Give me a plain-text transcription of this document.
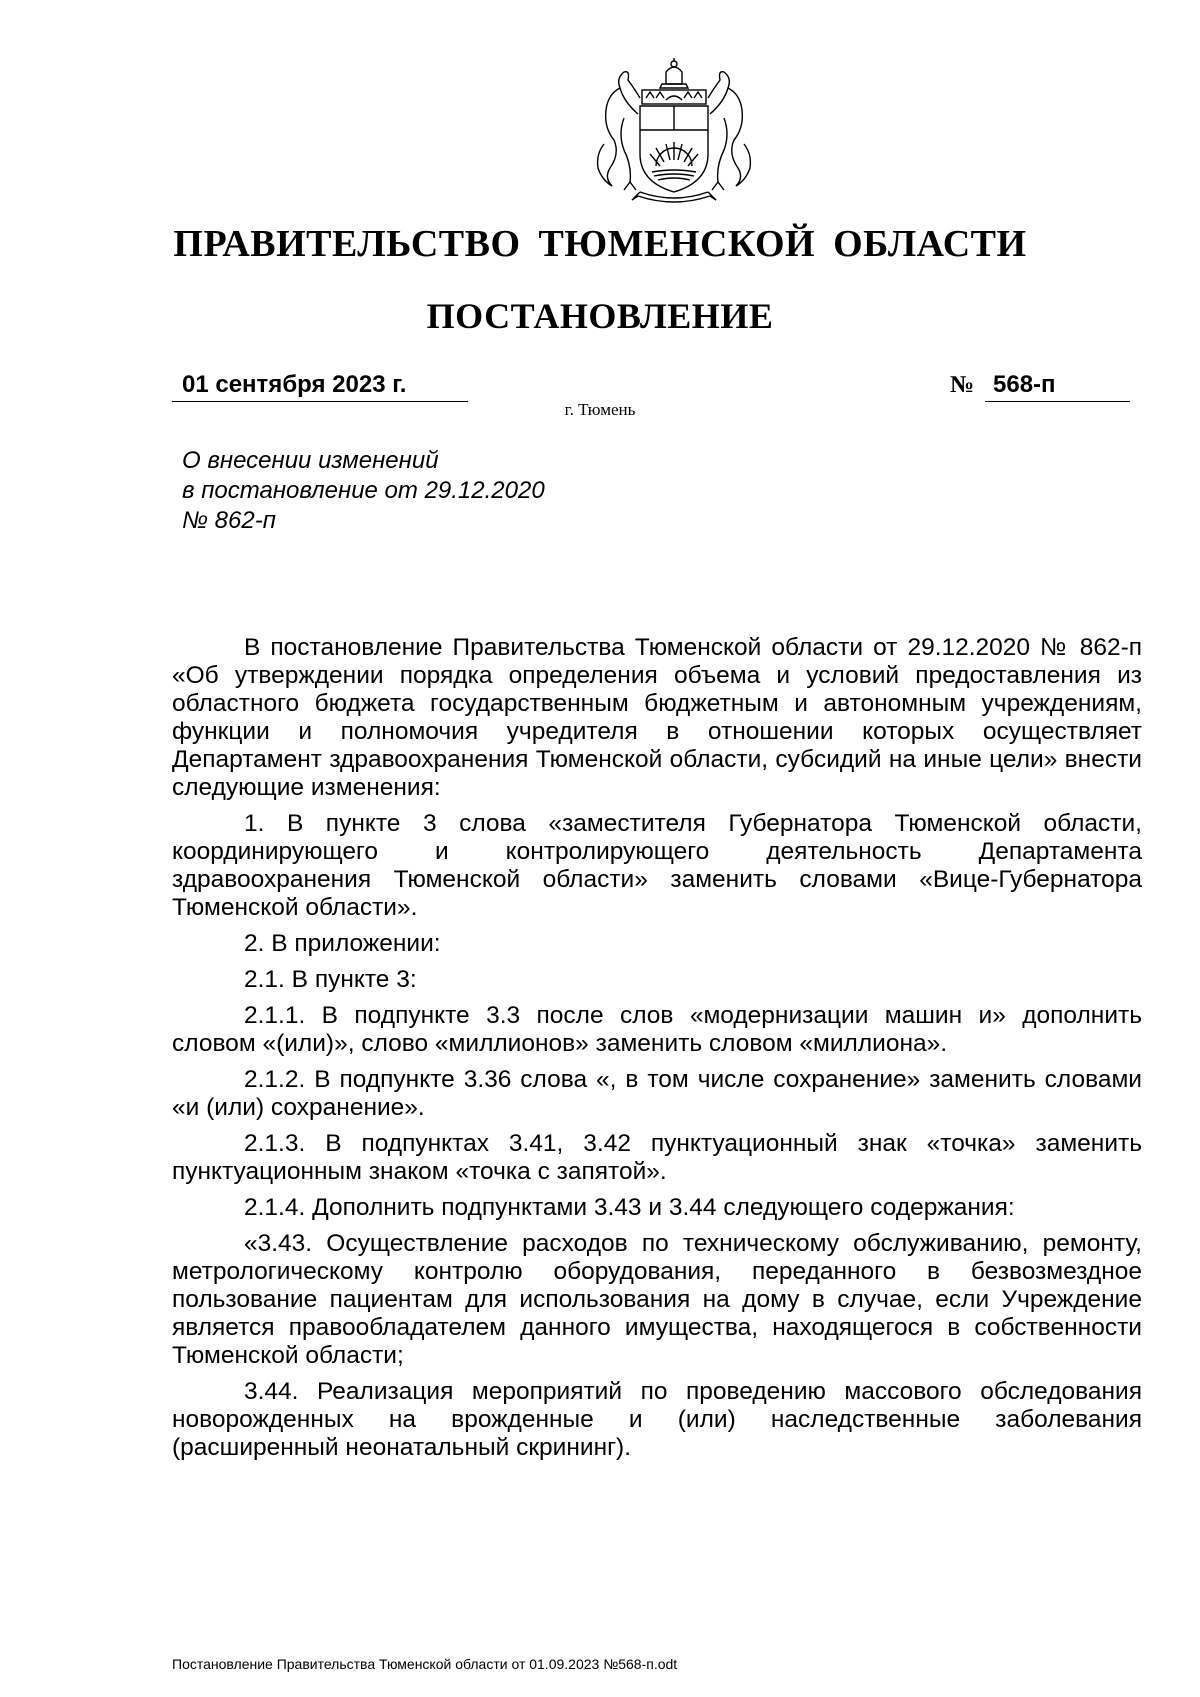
ПРАВИТЕЛЬСТВО ТЮМЕНСКОЙ ОБЛАСТИ
ПОСТАНОВЛЕНИЕ
01 сентября 2023 г.	№ 568-п
г. Тюмень
О внесении изменений
в постановление от 29.12.2020
№ 862-п

В постановление Правительства Тюменской области от 29.12.2020 № 862-п «Об утверждении порядка определения объема и условий предоставления из областного бюджета государственным бюджетным и автономным учреждениям, функции и полномочия учредителя в отношении которых осуществляет Департамент здравоохранения Тюменской области, субсидий на иные цели» внести следующие изменения:

1. В пункте 3 слова «заместителя Губернатора Тюменской области, координирующего и контролирующего деятельность Департамента здравоохранения Тюменской области» заменить словами «Вице-Губернатора Тюменской области».

2. В приложении:

2.1. В пункте 3:

2.1.1. В подпункте 3.3 после слов «модернизации машин и» дополнить словом «(или)», слово «миллионов» заменить словом «миллиона».

2.1.2. В подпункте 3.36 слова «, в том числе сохранение» заменить словами «и (или) сохранение».

2.1.3. В подпунктах 3.41, 3.42 пунктуационный знак «точка» заменить пунктуационным знаком «точка с запятой».

2.1.4. Дополнить подпунктами 3.43 и 3.44 следующего содержания:

«3.43. Осуществление расходов по техническому обслуживанию, ремонту, метрологическому контролю оборудования, переданного в безвозмездное пользование пациентам для использования на дому в случае, если Учреждение является правообладателем данного имущества, находящегося в собственности Тюменской области;

3.44. Реализация мероприятий по проведению массового обследования новорожденных на врожденные и (или) наследственные заболевания (расширенный неонатальный скрининг).

Постановление Правительства Тюменской области от 01.09.2023 №568-п.odt
